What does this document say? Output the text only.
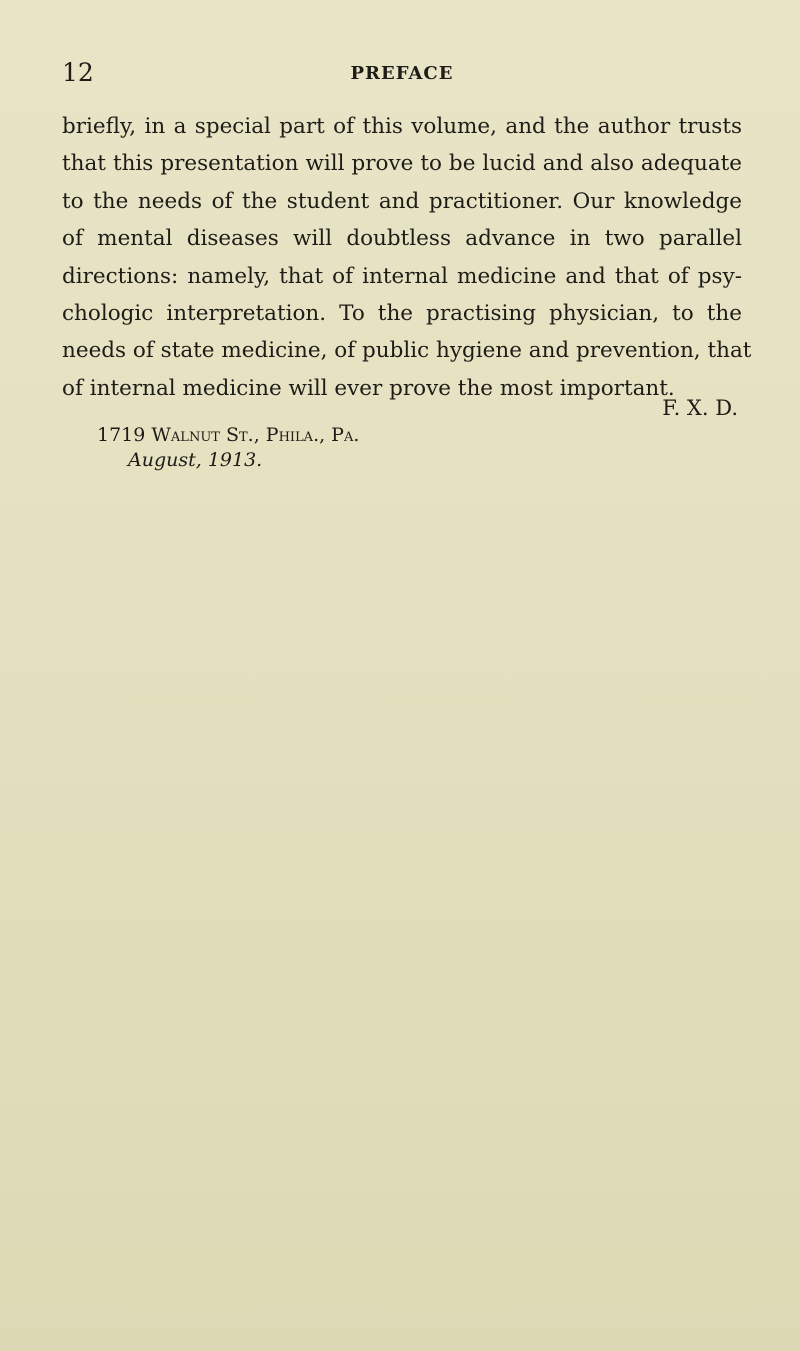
12	PREFACE
briefly, in a special part of this volume, and the author trusts
that this presentation will prove to be lucid and also adequate
to the needs of the student and practitioner. Our knowledge
of mental diseases will doubtless advance in two parallel
directions: namely, that of internal medicine and that of psy-
chologic interpretation. To the practising physician, to the
needs of state medicine, of public hygiene and prevention, that
of internal medicine will ever prove the most important.
F. X. D.
1719 Walnut St., Phila., Pa.
August, 1913.
